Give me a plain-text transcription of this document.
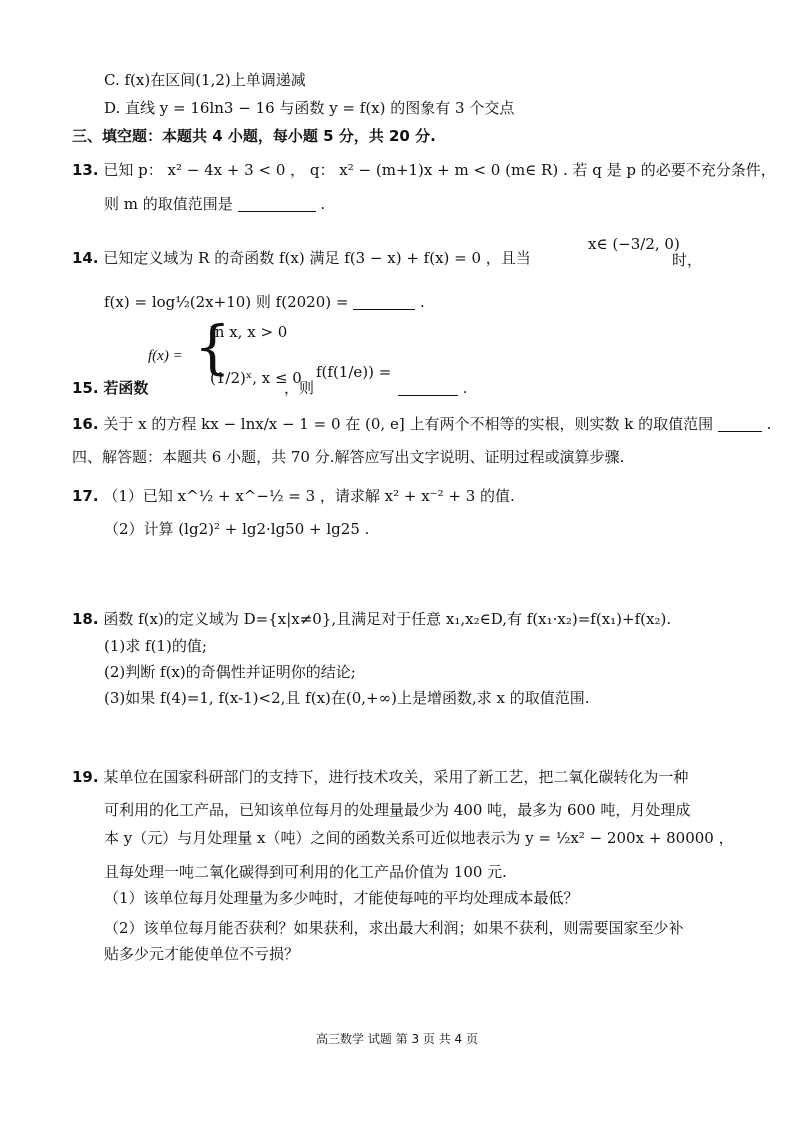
C. f(x)在区间(1,2)上单调递减
D. 直线 y = 16ln3 − 16 与函数 y = f(x) 的图象有 3 个交点
三、填空题：本题共 4 小题，每小题 5 分，共 20 分.
13. 已知 p： x² − 4x + 3 < 0 ， q： x² − (m+1)x + m < 0 (m∈ R) . 若 q 是 p 的必要不充分条件，
则 m 的取值范围是	.
14. 已知定义域为 R 的奇函数 f(x) 满足 f(3 − x) + f(x) = 0 ，且当
x∈ (−3/2, 0)
时，
f(x) = log½(2x+10) 则 f(2020) =	.
f(x) = {
ln x, x > 0
(1/2)ˣ, x ≤ 0
15. 若函数	，则
f(f(1/e)) =
.
16. 关于 x 的方程 kx − lnx/x − 1 = 0 在 (0, e] 上有两个不相等的实根，则实数 k 的取值范围	.
四、解答题：本题共 6 小题，共 70 分.解答应写出文字说明、证明过程或演算步骤.
17. （1）已知 x^½ + x^−½ = 3 ，请求解 x² + x⁻² + 3 的值.
（2）计算 (lg2)² + lg2·lg50 + lg25 .
18. 函数 f(x)的定义域为 D={x|x≠0},且满足对于任意 x₁,x₂∈D,有 f(x₁·x₂)=f(x₁)+f(x₂).
(1)求 f(1)的值;
(2)判断 f(x)的奇偶性并证明你的结论;
(3)如果 f(4)=1, f(x-1)<2,且 f(x)在(0,+∞)上是增函数,求 x 的取值范围.
19. 某单位在国家科研部门的支持下，进行技术攻关，采用了新工艺，把二氧化碳转化为一种
可利用的化工产品，已知该单位每月的处理量最少为 400 吨，最多为 600 吨，月处理成
本 y（元）与月处理量 x（吨）之间的函数关系可近似地表示为 y = ½x² − 200x + 80000 ，
且每处理一吨二氧化碳得到可利用的化工产品价值为 100 元.
（1）该单位每月处理量为多少吨时，才能使每吨的平均处理成本最低？
（2）该单位每月能否获利？如果获利，求出最大利润；如果不获利，则需要国家至少补
贴多少元才能使单位不亏损？
高三数学 试题 第 3 页 共 4 页
